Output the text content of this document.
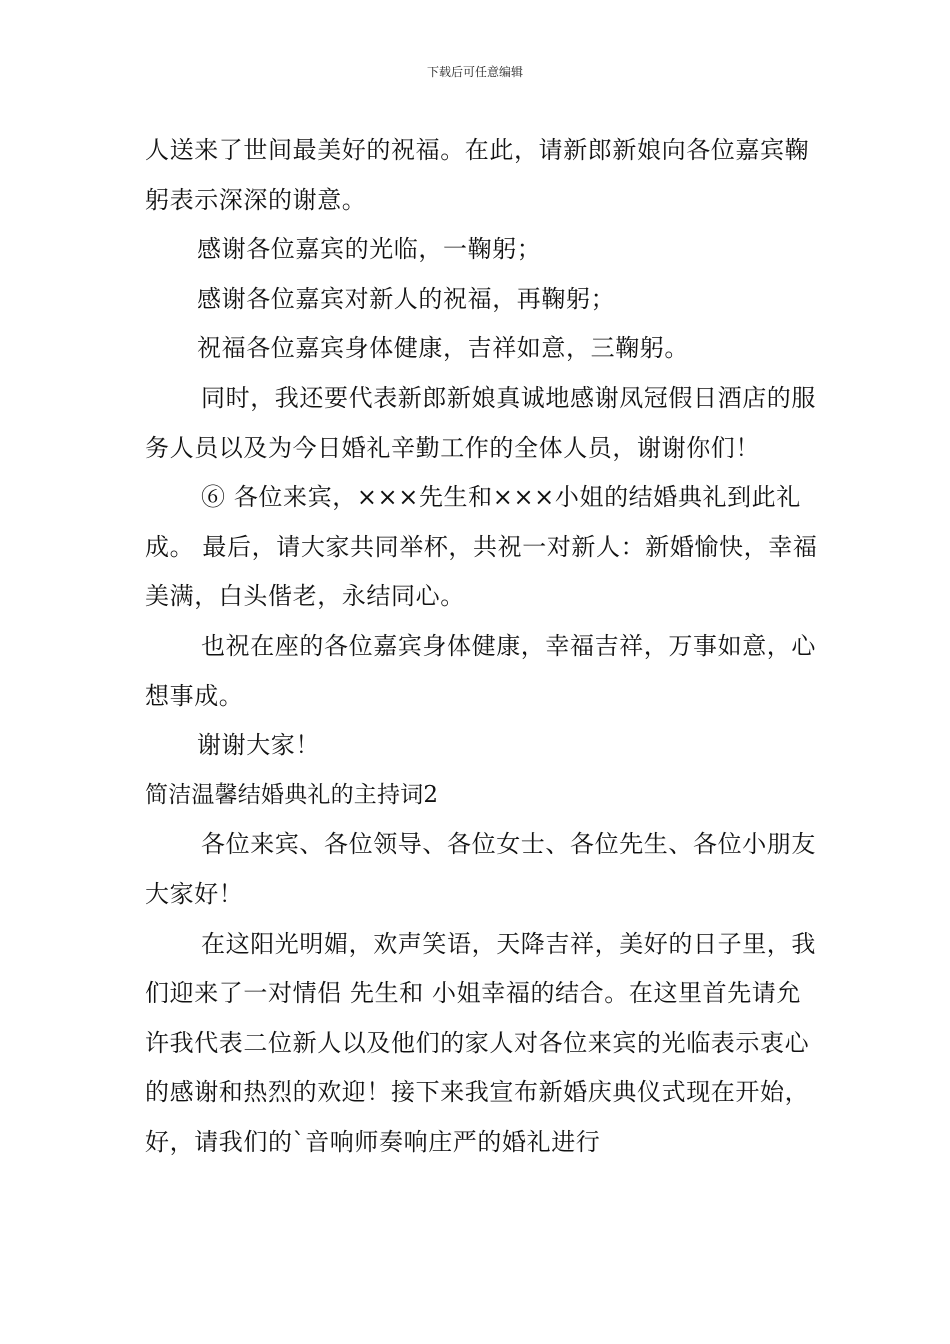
下载后可任意编辑

人送来了世间最美好的祝福。在此，请新郎新娘向各位嘉宾鞠躬表示深深的谢意。

感谢各位嘉宾的光临，一鞠躬；

感谢各位嘉宾对新人的祝福，再鞠躬；

祝福各位嘉宾身体健康，吉祥如意，三鞠躬。

同时，我还要代表新郎新娘真诚地感谢凤冠假日酒店的服务人员以及为今日婚礼辛勤工作的全体人员，谢谢你们！

⑥ 各位来宾，×××先生和×××小姐的结婚典礼到此礼成。 最后，请大家共同举杯，共祝一对新人：新婚愉快，幸福美满，白头偕老，永结同心。

也祝在座的各位嘉宾身体健康，幸福吉祥，万事如意，心想事成。

谢谢大家！

简洁温馨结婚典礼的主持词2

各位来宾、各位领导、各位女士、各位先生、各位小朋友大家好！

在这阳光明媚，欢声笑语，天降吉祥，美好的日子里，我们迎来了一对情侣 先生和 小姐幸福的结合。在这里首先请允许我代表二位新人以及他们的家人对各位来宾的光临表示衷心的感谢和热烈的欢迎！接下来我宣布新婚庆典仪式现在开始，好，请我们的`音响师奏响庄严的婚礼进行
